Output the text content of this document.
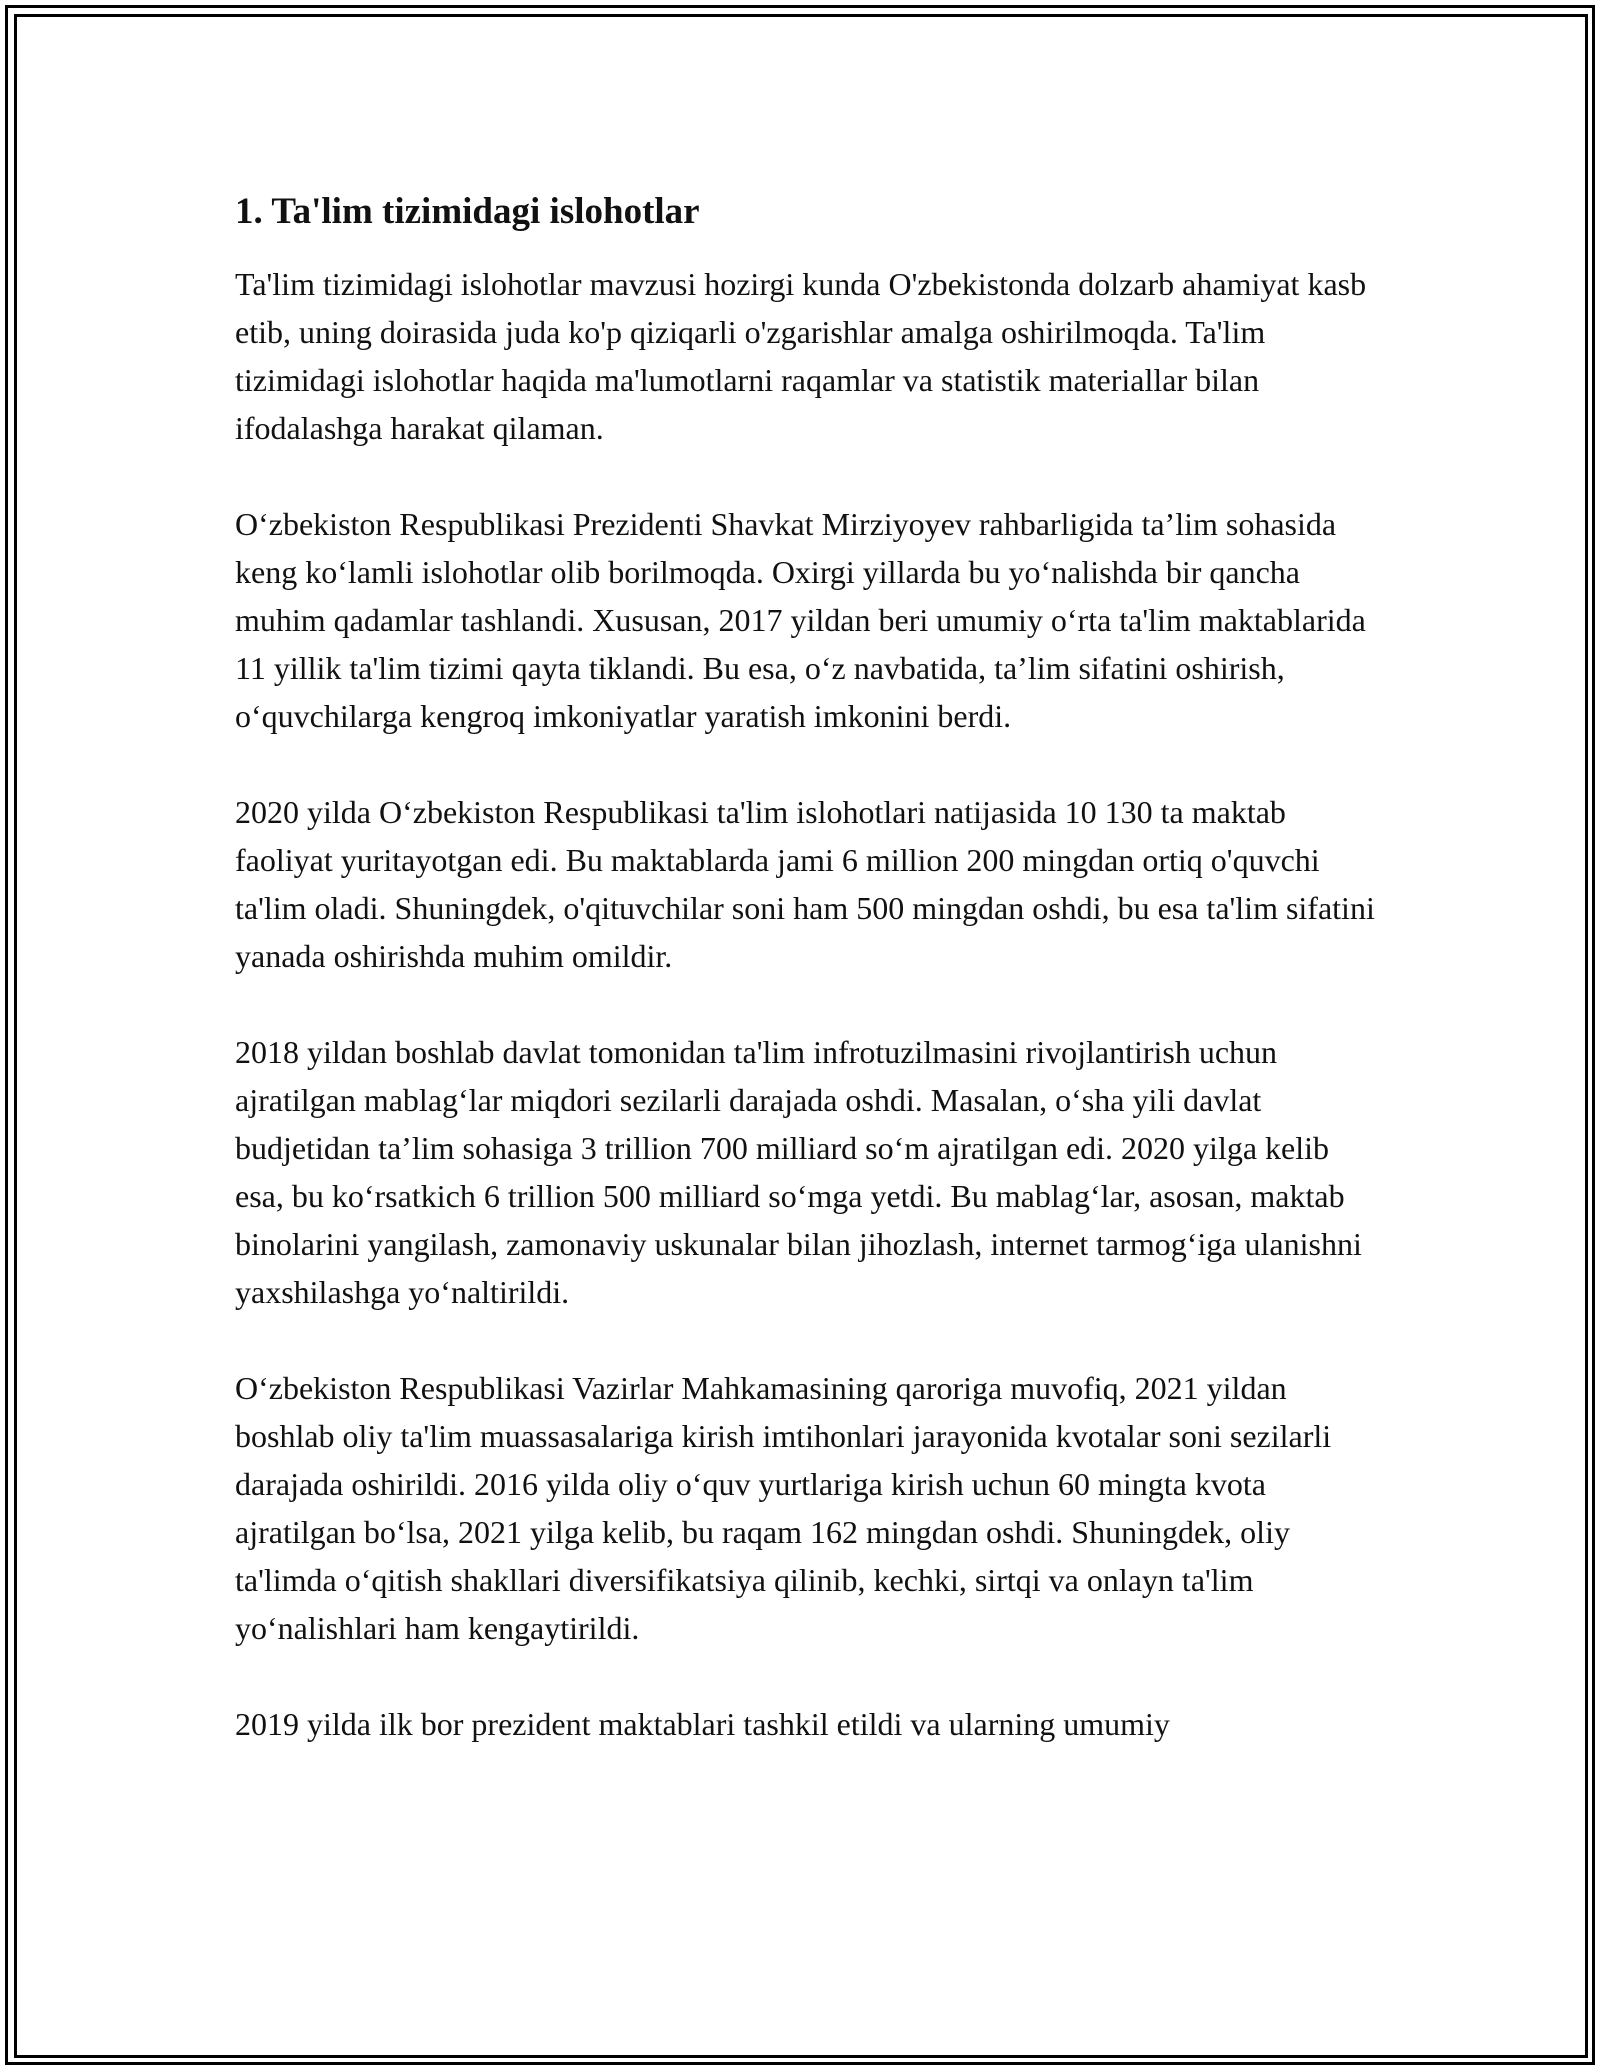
1. Ta'lim tizimidagi islohotlar

Ta'lim tizimidagi islohotlar mavzusi hozirgi kunda O'zbekistonda dolzarb ahamiyat kasb etib, uning doirasida juda ko'p qiziqarli o'zgarishlar amalga oshirilmoqda. Ta'lim tizimidagi islohotlar haqida ma'lumotlarni raqamlar va statistik materiallar bilan ifodalashga harakat qilaman.

O‘zbekiston Respublikasi Prezidenti Shavkat Mirziyoyev rahbarligida ta’lim sohasida keng ko‘lamli islohotlar olib borilmoqda. Oxirgi yillarda bu yo‘nalishda bir qancha muhim qadamlar tashlandi. Xususan, 2017 yildan beri umumiy o‘rta ta'lim maktablarida 11 yillik ta'lim tizimi qayta tiklandi. Bu esa, o‘z navbatida, ta’lim sifatini oshirish, o‘quvchilarga kengroq imkoniyatlar yaratish imkonini berdi.

2020 yilda O‘zbekiston Respublikasi ta'lim islohotlari natijasida 10 130 ta maktab faoliyat yuritayotgan edi. Bu maktablarda jami 6 million 200 mingdan ortiq o'quvchi ta'lim oladi. Shuningdek, o'qituvchilar soni ham 500 mingdan oshdi, bu esa ta'lim sifatini yanada oshirishda muhim omildir.

2018 yildan boshlab davlat tomonidan ta'lim infrotuzilmasini rivojlantirish uchun ajratilgan mablag‘lar miqdori sezilarli darajada oshdi. Masalan, o‘sha yili davlat budjetidan ta’lim sohasiga 3 trillion 700 milliard so‘m ajratilgan edi. 2020 yilga kelib esa, bu ko‘rsatkich 6 trillion 500 milliard so‘mga yetdi. Bu mablag‘lar, asosan, maktab binolarini yangilash, zamonaviy uskunalar bilan jihozlash, internet tarmog‘iga ulanishni yaxshilashga yo‘naltirildi.

O‘zbekiston Respublikasi Vazirlar Mahkamasining qaroriga muvofiq, 2021 yildan boshlab oliy ta'lim muassasalariga kirish imtihonlari jarayonida kvotalar soni sezilarli darajada oshirildi. 2016 yilda oliy o‘quv yurtlariga kirish uchun 60 mingta kvota ajratilgan bo‘lsa, 2021 yilga kelib, bu raqam 162 mingdan oshdi. Shuningdek, oliy ta'limda o‘qitish shakllari diversifikatsiya qilinib, kechki, sirtqi va onlayn ta'lim yo‘nalishlari ham kengaytirildi.

2019 yilda ilk bor prezident maktablari tashkil etildi va ularning umumiy
